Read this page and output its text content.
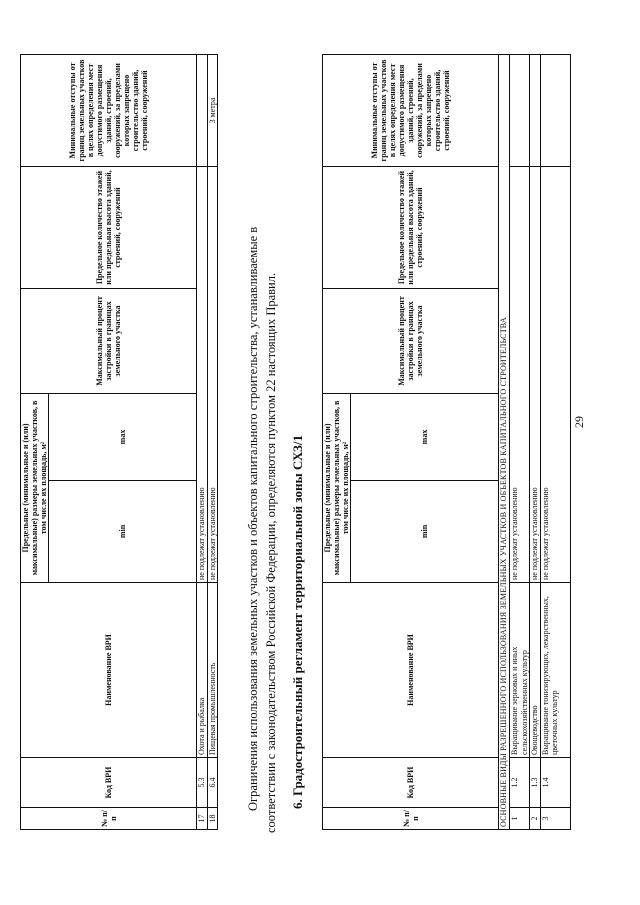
29
№ п/п	Код ВРИ	Наименование ВРИ	Предельные (минимальные и (или) максимальные) размеры земельных участков, в том числе их площадь, м²		Максимальный процент застройки в границах земельного участка	Предельное количество этажей или предельная высота зданий, строений, сооружений	Минимальные отступы от границ земельных участков в целях определения мест допустимого размещения зданий, строений, сооружений, за пределами которых запрещено строительство зданий, строений, сооружений
			min	max			
17	5.3	Охота и рыбалка	не подлежат установлению				
18	6.4	Пищевая промышленность	не подлежат установлению				3 метра

Ограничения использования земельных участков и объектов капитального строительства, устанавливаемые в соответствии с законодательством Российской Федерации, определяются пунктом 22 настоящих Правил. 6. Градостроительный регламент территориальной зоны СХЗ/1
№ п/п	Код ВРИ	Наименование ВРИ	Предельные (минимальные и (или) максимальные) размеры земельных участков, в том числе их площадь, м²		Максимальный процент застройки в границах земельного участка	Предельное количество этажей или предельная высота зданий, строений, сооружений	Минимальные отступы от границ земельных участков в целях определения мест допустимого размещения зданий, строений, сооружений, за пределами которых запрещено строительство зданий, строений, сооружений
			min	max			
ОСНОВНЫЕ ВИДЫ РАЗРЕШЕННОГО ИСПОЛЬЗОВАНИЯ ЗЕМЕЛЬНЫХ УЧАСТКОВ И ОБЪЕКТОВ КАПИТАЛЬНОГО СТРОИТЕЛЬСТВА							
1	1.2	Выращивание зерновых и иных сельскохозяйственных культур	не подлежат установлению				
2	1.3	Овощеводство	не подлежат установлению				
3	1.4	Выращивание тонизирующих, лекарственных, цветочных культур	не подлежат установлению				
